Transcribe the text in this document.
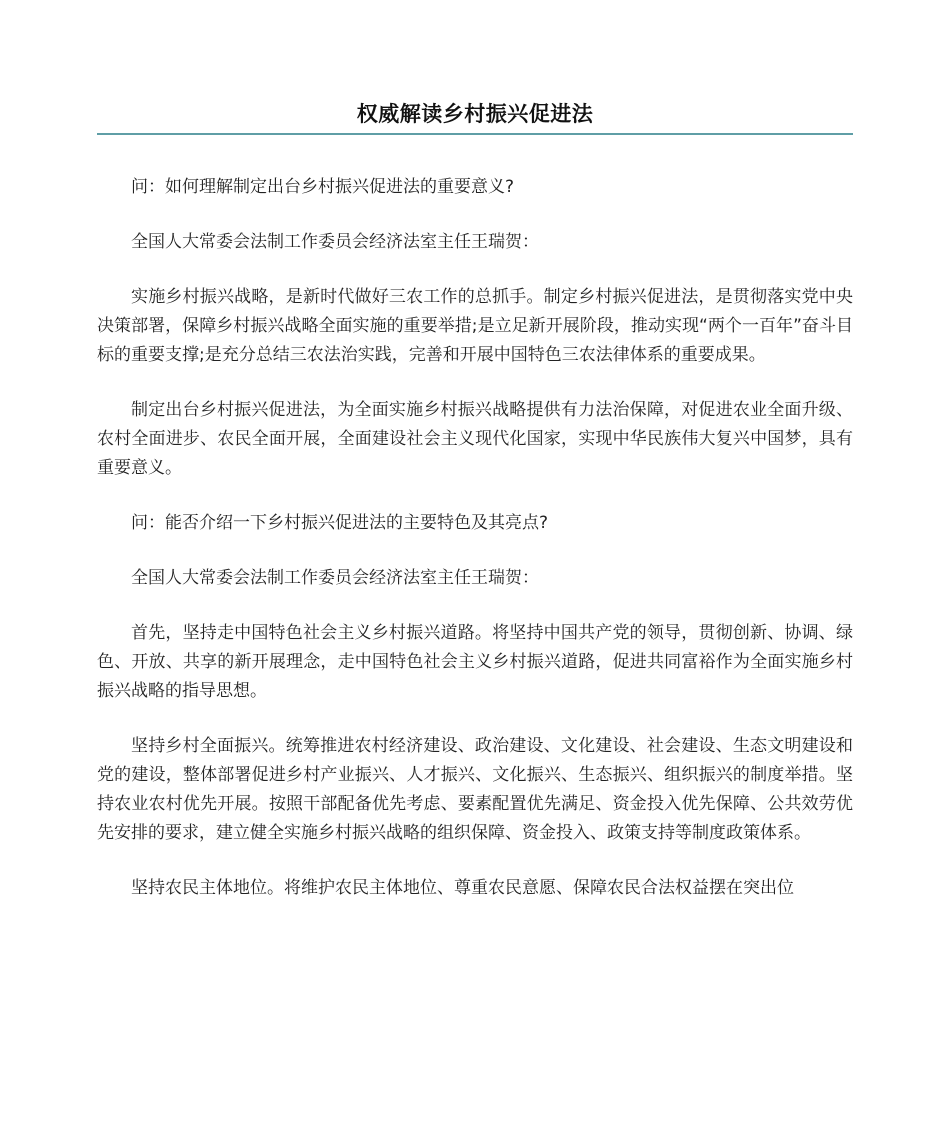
权威解读乡村振兴促进法

问：如何理解制定出台乡村振兴促进法的重要意义?

全国人大常委会法制工作委员会经济法室主任王瑞贺：

实施乡村振兴战略，是新时代做好三农工作的总抓手。制定乡村振兴促进法，是贯彻落实党中央决策部署，保障乡村振兴战略全面实施的重要举措;是立足新开展阶段，推动实现“两个一百年”奋斗目标的重要支撑;是充分总结三农法治实践，完善和开展中国特色三农法律体系的重要成果。

制定出台乡村振兴促进法，为全面实施乡村振兴战略提供有力法治保障，对促进农业全面升级、农村全面进步、农民全面开展，全面建设社会主义现代化国家，实现中华民族伟大复兴中国梦，具有重要意义。

问：能否介绍一下乡村振兴促进法的主要特色及其亮点?

全国人大常委会法制工作委员会经济法室主任王瑞贺：

首先，坚持走中国特色社会主义乡村振兴道路。将坚持中国共产党的领导，贯彻创新、协调、绿色、开放、共享的新开展理念，走中国特色社会主义乡村振兴道路，促进共同富裕作为全面实施乡村振兴战略的指导思想。

坚持乡村全面振兴。统筹推进农村经济建设、政治建设、文化建设、社会建设、生态文明建设和党的建设，整体部署促进乡村产业振兴、人才振兴、文化振兴、生态振兴、组织振兴的制度举措。坚持农业农村优先开展。按照干部配备优先考虑、要素配置优先满足、资金投入优先保障、公共效劳优先安排的要求，建立健全实施乡村振兴战略的组织保障、资金投入、政策支持等制度政策体系。

坚持农民主体地位。将维护农民主体地位、尊重农民意愿、保障农民合法权益摆在突出位
